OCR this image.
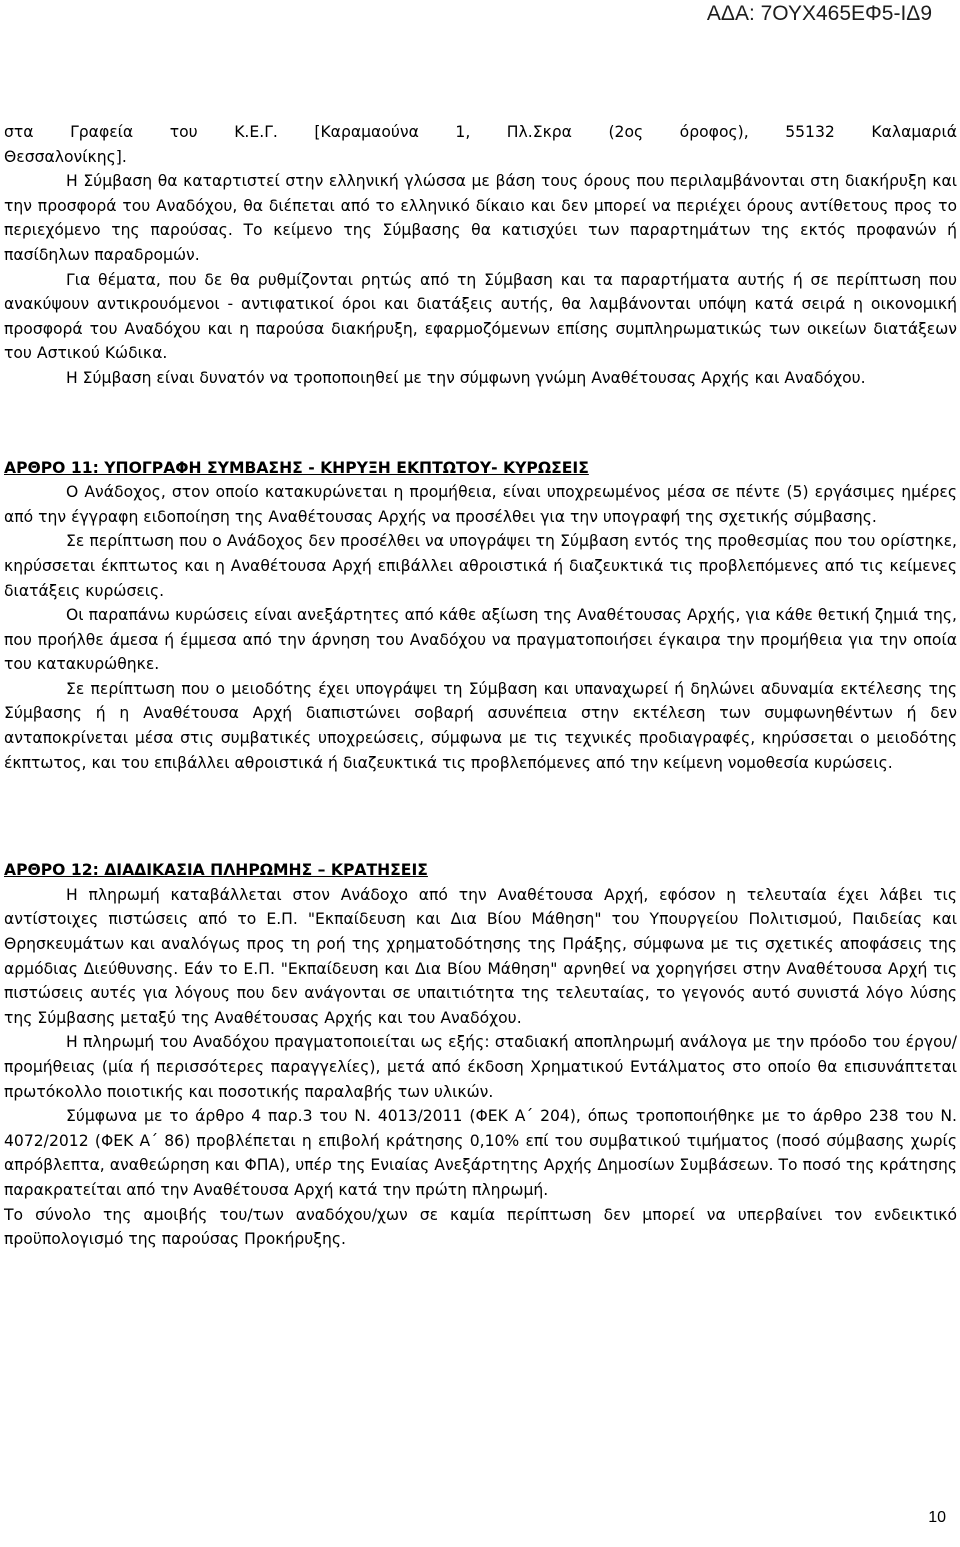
ΑΔΑ: 7ΟΥΧ465ΕΦ5-ΙΔ9

στα Γραφεία του Κ.Ε.Γ. [Καραμαούνα 1, Πλ.Σκρα (2ος όροφος), 55132 Καλαμαριά

Θεσσαλονίκης].

Η Σύμβαση θα καταρτιστεί στην ελληνική γλώσσα με βάση τους όρους που περιλαμβάνονται στη διακήρυξη και την προσφορά του Αναδόχου, θα διέπεται από το ελληνικό δίκαιο και δεν μπορεί να περιέχει όρους αντίθετους προς το περιεχόμενο της παρούσας. Το κείμενο της Σύμβασης θα κατισχύει των παραρτημάτων της εκτός προφανών ή πασίδηλων παραδρομών.

Για θέματα, που δε θα ρυθμίζονται ρητώς από τη Σύμβαση και τα παραρτήματα αυτής ή σε περίπτωση που ανακύψουν αντικρουόμενοι - αντιφατικοί όροι και διατάξεις αυτής, θα λαμβάνονται υπόψη κατά σειρά η οικονομική προσφορά του Αναδόχου και η παρούσα διακήρυξη, εφαρμοζόμενων επίσης συμπληρωματικώς των οικείων διατάξεων του Αστικού Κώδικα.

Η Σύμβαση είναι δυνατόν να τροποποιηθεί με την σύμφωνη γνώμη Αναθέτουσας Αρχής και Αναδόχου.

ΑΡΘΡΟ 11: ΥΠΟΓΡΑΦΗ ΣΥΜΒΑΣΗΣ - ΚΗΡΥΞΗ ΕΚΠΤΩΤΟΥ- ΚΥΡΩΣΕΙΣ

Ο Ανάδοχος, στον οποίο κατακυρώνεται η προμήθεια, είναι υποχρεωμένος μέσα σε πέντε (5) εργάσιμες ημέρες από την έγγραφη ειδοποίηση της Αναθέτουσας Αρχής να προσέλθει για την υπογραφή της σχετικής σύμβασης.

Σε περίπτωση που ο Ανάδοχος δεν προσέλθει να υπογράψει τη Σύμβαση εντός της προθεσμίας που του ορίστηκε, κηρύσσεται έκπτωτος και η Αναθέτουσα Αρχή επιβάλλει αθροιστικά ή διαζευκτικά τις προβλεπόμενες από τις κείμενες διατάξεις κυρώσεις.

Οι παραπάνω κυρώσεις είναι ανεξάρτητες από κάθε αξίωση της Αναθέτουσας Αρχής, για κάθε θετική ζημιά της, που προήλθε άμεσα ή έμμεσα από την άρνηση του Αναδόχου να πραγματοποιήσει έγκαιρα την προμήθεια για την οποία του κατακυρώθηκε.

Σε περίπτωση που ο μειοδότης έχει υπογράψει τη Σύμβαση και υπαναχωρεί ή δηλώνει αδυναμία εκτέλεσης της Σύμβασης ή η Αναθέτουσα Αρχή διαπιστώνει σοβαρή ασυνέπεια στην εκτέλεση των συμφωνηθέντων ή δεν ανταποκρίνεται μέσα στις συμβατικές υποχρεώσεις, σύμφωνα με τις τεχνικές προδιαγραφές, κηρύσσεται ο μειοδότης έκπτωτος, και του επιβάλλει αθροιστικά ή διαζευκτικά τις προβλεπόμενες από την κείμενη νομοθεσία κυρώσεις.

ΑΡΘΡΟ 12: ΔΙΑΔΙΚΑΣΙΑ ΠΛΗΡΩΜΗΣ – ΚΡΑΤΗΣΕΙΣ

Η πληρωμή καταβάλλεται στον Ανάδοχο από την Αναθέτουσα Αρχή, εφόσον η τελευταία έχει λάβει τις αντίστοιχες πιστώσεις από το Ε.Π. "Εκπαίδευση και Δια Βίου Μάθηση" του Υπουργείου Πολιτισμού, Παιδείας και Θρησκευμάτων και αναλόγως προς τη ροή της χρηματοδότησης της Πράξης, σύμφωνα με τις σχετικές αποφάσεις της αρμόδιας Διεύθυνσης. Εάν το Ε.Π. "Εκπαίδευση και Δια Βίου Μάθηση" αρνηθεί να χορηγήσει στην Αναθέτουσα Αρχή τις πιστώσεις αυτές για λόγους που δεν ανάγονται σε υπαιτιότητα της τελευταίας, το γεγονός αυτό συνιστά λόγο λύσης της Σύμβασης μεταξύ της Αναθέτουσας Αρχής και του Αναδόχου.

Η πληρωμή του Αναδόχου πραγματοποιείται ως εξής: σταδιακή αποπληρωμή ανάλογα με την πρόοδο του έργου/προμήθειας (μία ή περισσότερες παραγγελίες), μετά από έκδοση Χρηματικού Εντάλματος στο οποίο θα επισυνάπτεται πρωτόκολλο ποιοτικής και ποσοτικής παραλαβής των υλικών.

Σύμφωνα με το άρθρο 4 παρ.3 του Ν. 4013/2011 (ΦΕΚ Α΄ 204), όπως τροποποιήθηκε με το άρθρο 238 του Ν. 4072/2012 (ΦΕΚ Α΄ 86) προβλέπεται η επιβολή κράτησης 0,10% επί του συμβατικού τιμήματος (ποσό σύμβασης χωρίς απρόβλεπτα, αναθεώρηση και ΦΠΑ), υπέρ της Ενιαίας Ανεξάρτητης Αρχής Δημοσίων Συμβάσεων. Το ποσό της κράτησης παρακρατείται από την Αναθέτουσα Αρχή κατά την πρώτη πληρωμή.

Το σύνολο της αμοιβής του/των αναδόχου/χων σε καμία περίπτωση δεν μπορεί να υπερβαίνει τον ενδεικτικό προϋπολογισμό της παρούσας Προκήρυξης.

10
